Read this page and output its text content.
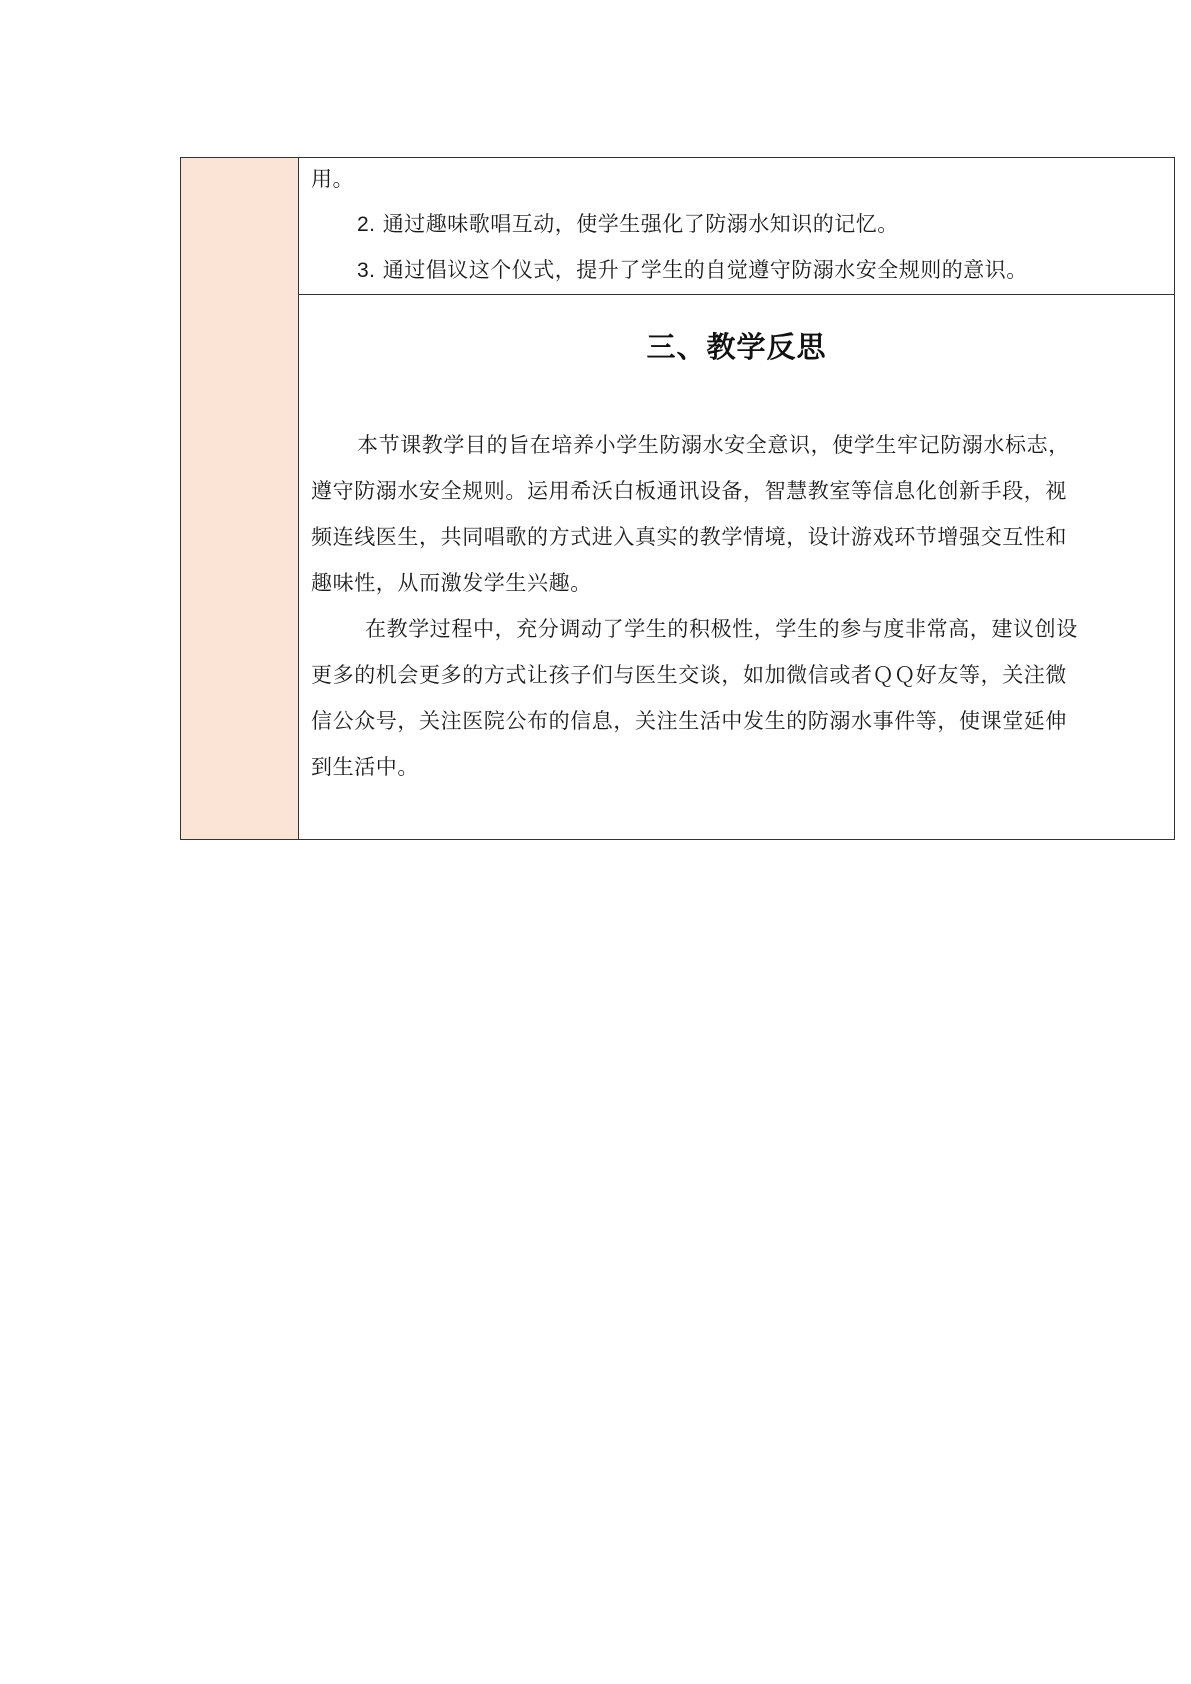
用。
2. 通过趣味歌唱互动，使学生强化了防溺水知识的记忆。
3. 通过倡议这个仪式，提升了学生的自觉遵守防溺水安全规则的意识。
三、教学反思
本节课教学目的旨在培养小学生防溺水安全意识，使学生牢记防溺水标志，
遵守防溺水安全规则。运用希沃白板通讯设备，智慧教室等信息化创新手段，视
频连线医生，共同唱歌的方式进入真实的教学情境，设计游戏环节增强交互性和
趣味性，从而激发学生兴趣。
在教学过程中，充分调动了学生的积极性，学生的参与度非常高，建议创设
更多的机会更多的方式让孩子们与医生交谈，如加微信或者ＱＱ好友等，关注微
信公众号，关注医院公布的信息，关注生活中发生的防溺水事件等，使课堂延伸
到生活中。
